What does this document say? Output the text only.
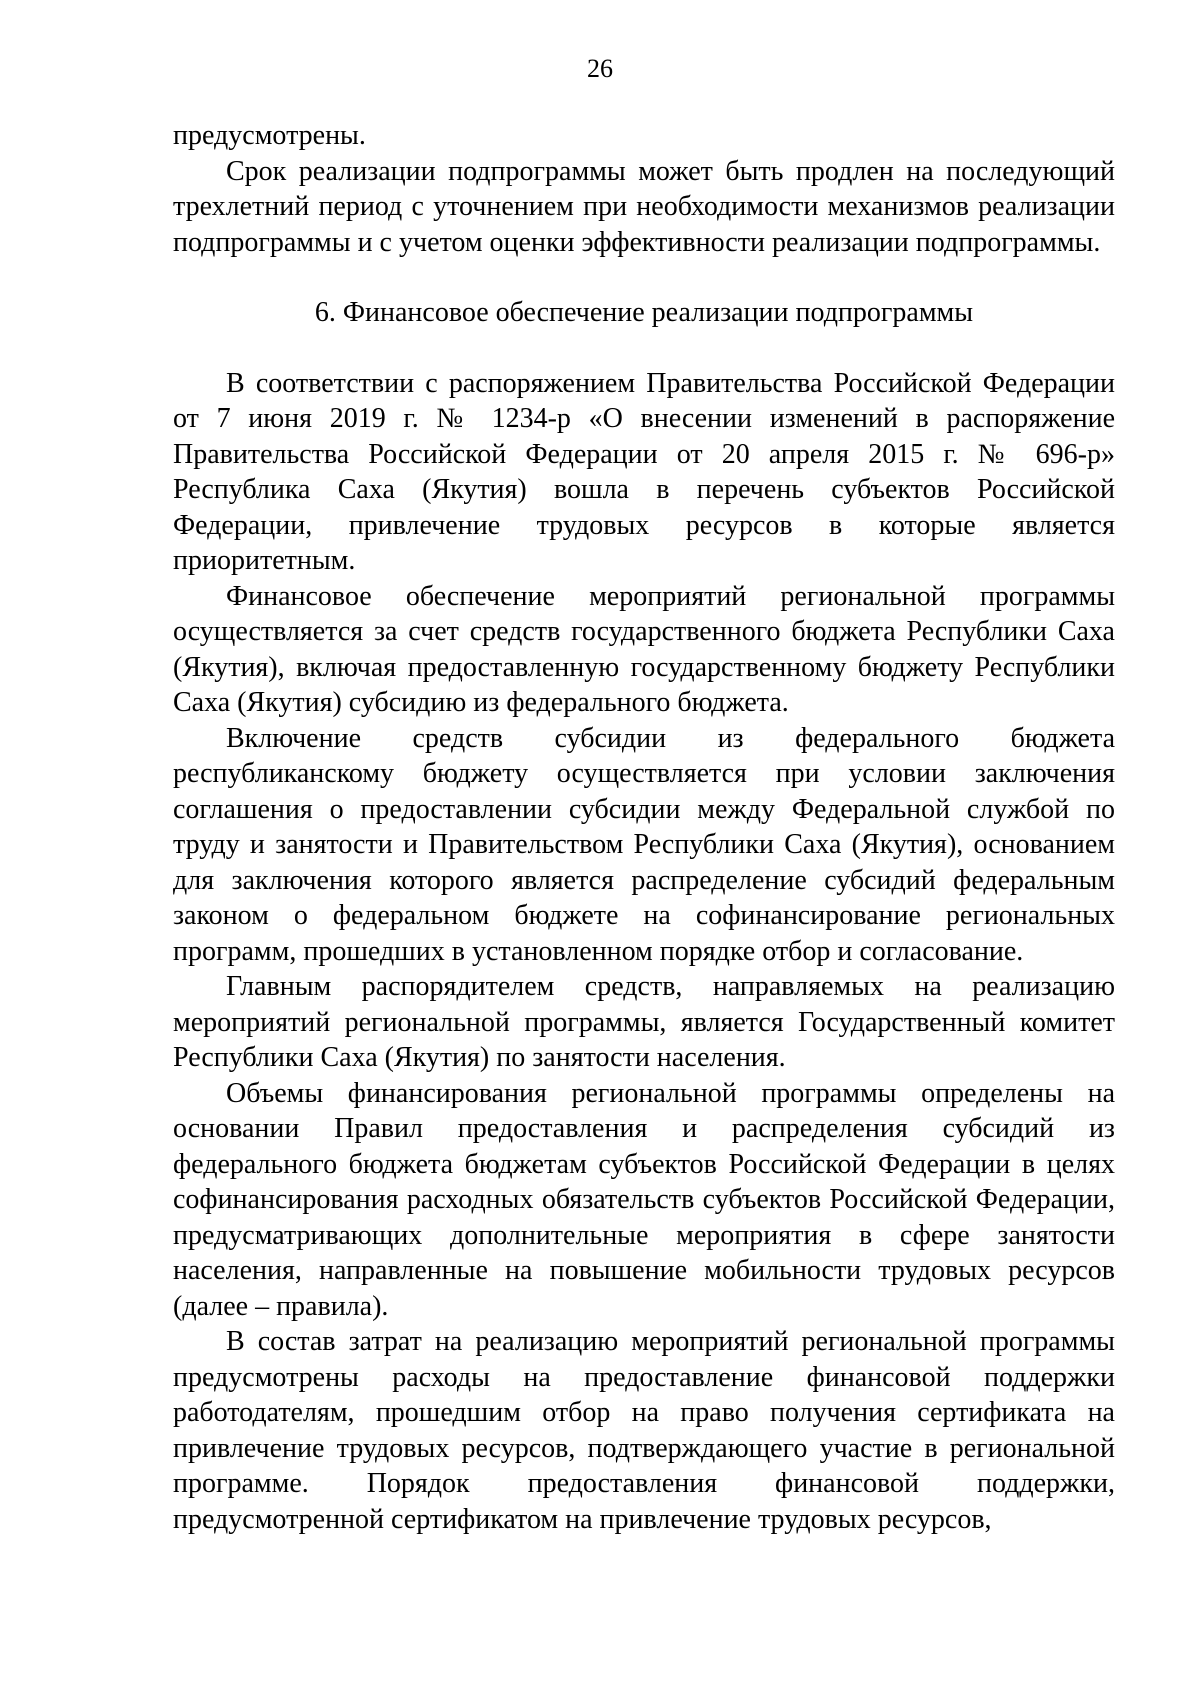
26

предусмотрены.

Срок реализации подпрограммы может быть продлен на последующий трехлетний период с уточнением при необходимости механизмов реализации подпрограммы и с учетом оценки эффективности реализации подпрограммы.

6. Финансовое обеспечение реализации подпрограммы

В соответствии с распоряжением Правительства Российской Федерации от 7 июня 2019 г. № 1234-р «О внесении изменений в распоряжение Правительства Российской Федерации от 20 апреля 2015 г. № 696-р» Республика Саха (Якутия) вошла в перечень субъектов Российской Федерации, привлечение трудовых ресурсов в которые является приоритетным.

Финансовое обеспечение мероприятий региональной программы осуществляется за счет средств государственного бюджета Республики Саха (Якутия), включая предоставленную государственному бюджету Республики Саха (Якутия) субсидию из федерального бюджета.

Включение средств субсидии из федерального бюджета республиканскому бюджету осуществляется при условии заключения соглашения о предоставлении субсидии между Федеральной службой по труду и занятости и Правительством Республики Саха (Якутия), основанием для заключения которого является распределение субсидий федеральным законом о федеральном бюджете на софинансирование региональных программ, прошедших в установленном порядке отбор и согласование.

Главным распорядителем средств, направляемых на реализацию мероприятий региональной программы, является Государственный комитет Республики Саха (Якутия) по занятости населения.

Объемы финансирования региональной программы определены на основании Правил предоставления и распределения субсидий из федерального бюджета бюджетам субъектов Российской Федерации в целях софинансирования расходных обязательств субъектов Российской Федерации, предусматривающих дополнительные мероприятия в сфере занятости населения, направленные на повышение мобильности трудовых ресурсов (далее – правила).

В состав затрат на реализацию мероприятий региональной программы предусмотрены расходы на предоставление финансовой поддержки работодателям, прошедшим отбор на право получения сертификата на привлечение трудовых ресурсов, подтверждающего участие в региональной программе. Порядок предоставления финансовой поддержки, предусмотренной сертификатом на привлечение трудовых ресурсов,
